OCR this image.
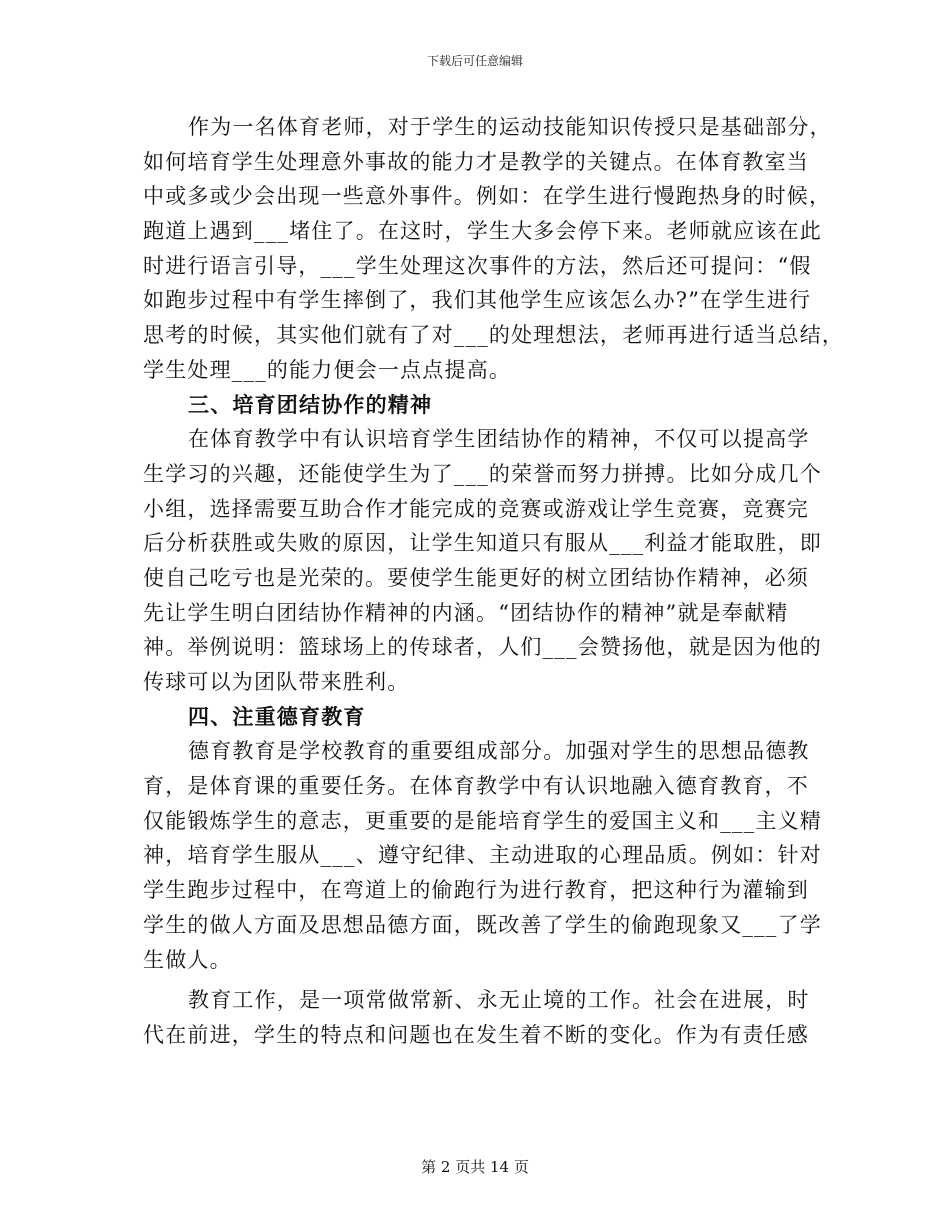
下载后可任意编辑
作为一名体育老师，对于学生的运动技能知识传授只是基础部分，
如何培育学生处理意外事故的能力才是教学的关键点。在体育教室当
中或多或少会出现一些意外事件。例如：在学生进行慢跑热身的时候，
跑道上遇到___堵住了。在这时，学生大多会停下来。老师就应该在此
时进行语言引导，___学生处理这次事件的方法，然后还可提问：“假
如跑步过程中有学生摔倒了，我们其他学生应该怎么办?”在学生进行
思考的时候，其实他们就有了对___的处理想法，老师再进行适当总结，
学生处理___的能力便会一点点提高。
三、培育团结协作的精神
在体育教学中有认识培育学生团结协作的精神，不仅可以提高学
生学习的兴趣，还能使学生为了___的荣誉而努力拼搏。比如分成几个
小组，选择需要互助合作才能完成的竞赛或游戏让学生竞赛，竞赛完
后分析获胜或失败的原因，让学生知道只有服从___利益才能取胜，即
使自己吃亏也是光荣的。要使学生能更好的树立团结协作精神，必须
先让学生明白团结协作精神的内涵。“团结协作的精神”就是奉献精
神。举例说明：篮球场上的传球者，人们___会赞扬他，就是因为他的
传球可以为团队带来胜利。
四、注重德育教育
德育教育是学校教育的重要组成部分。加强对学生的思想品德教
育，是体育课的重要任务。在体育教学中有认识地融入德育教育，不
仅能锻炼学生的意志，更重要的是能培育学生的爱国主义和___主义精
神，培育学生服从___、遵守纪律、主动进取的心理品质。例如：针对
学生跑步过程中，在弯道上的偷跑行为进行教育，把这种行为灌输到
学生的做人方面及思想品德方面，既改善了学生的偷跑现象又___了学
生做人。
教育工作，是一项常做常新、永无止境的工作。社会在进展，时
代在前进，学生的特点和问题也在发生着不断的变化。作为有责任感
第 2 页共 14 页
